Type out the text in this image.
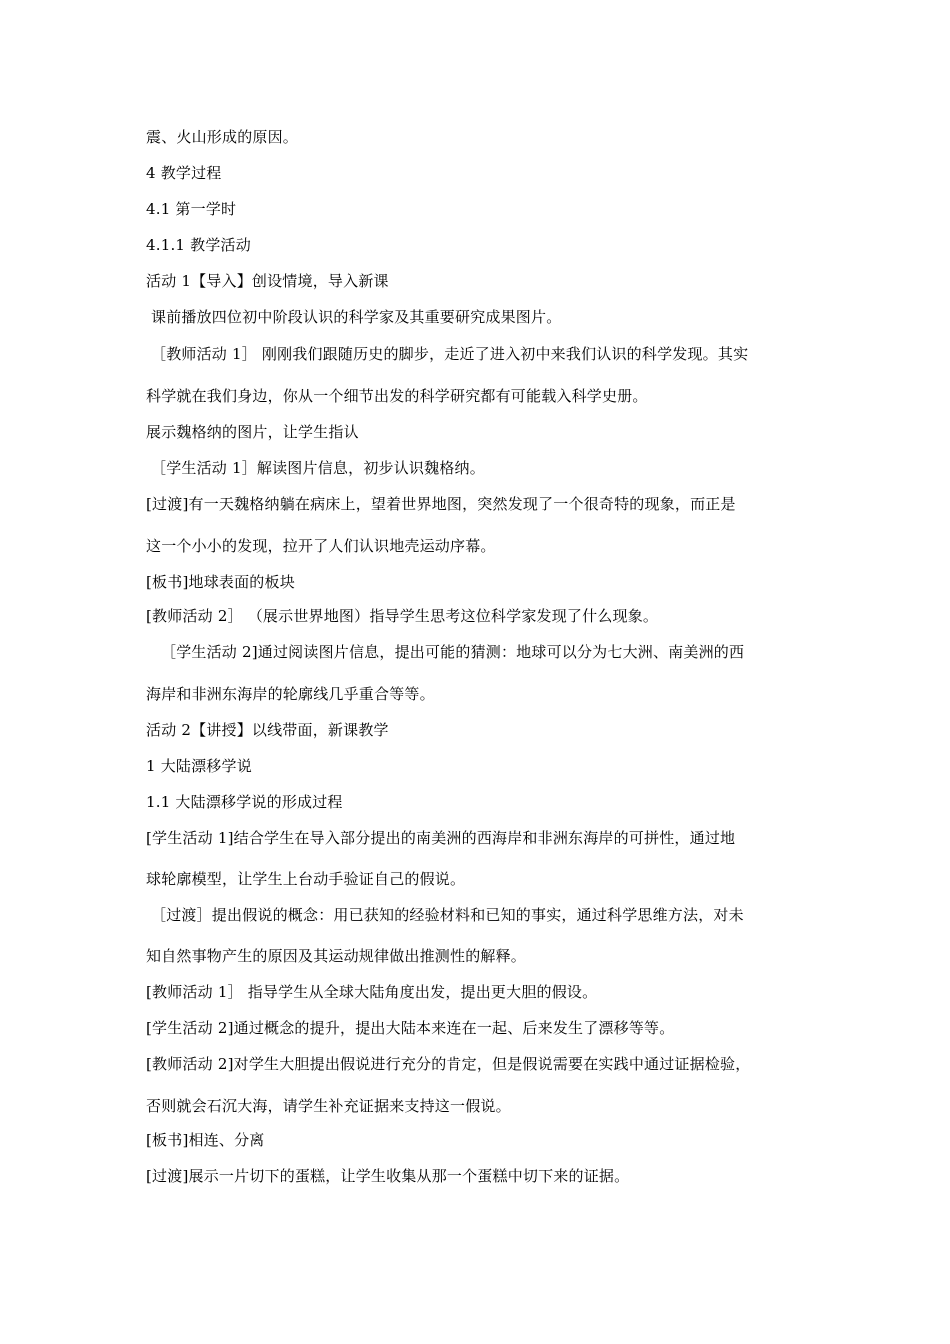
震、火山形成的原因。
4 教学过程
4.1 第一学时
4.1.1 教学活动
活动 1【导入】创设情境，导入新课
课前播放四位初中阶段认识的科学家及其重要研究成果图片。
［教师活动 1］ 刚刚我们跟随历史的脚步，走近了进入初中来我们认识的科学发现。其实
科学就在我们身边，你从一个细节出发的科学研究都有可能载入科学史册。
展示魏格纳的图片，让学生指认
［学生活动 1］解读图片信息，初步认识魏格纳。
[过渡]有一天魏格纳躺在病床上，望着世界地图，突然发现了一个很奇特的现象，而正是
这一个小小的发现，拉开了人们认识地壳运动序幕。
[板书]地球表面的板块
[教师活动 2］ （展示世界地图）指导学生思考这位科学家发现了什么现象。
［学生活动 2]通过阅读图片信息，提出可能的猜测：地球可以分为七大洲、南美洲的西
海岸和非洲东海岸的轮廓线几乎重合等等。
活动 2【讲授】以线带面，新课教学
1 大陆漂移学说
1.1 大陆漂移学说的形成过程
[学生活动 1]结合学生在导入部分提出的南美洲的西海岸和非洲东海岸的可拼性，通过地
球轮廓模型，让学生上台动手验证自己的假说。
［过渡］提出假说的概念：用已获知的经验材料和已知的事实，通过科学思维方法，对未
知自然事物产生的原因及其运动规律做出推测性的解释。
[教师活动 1］ 指导学生从全球大陆角度出发，提出更大胆的假设。
[学生活动 2]通过概念的提升，提出大陆本来连在一起、后来发生了漂移等等。
[教师活动 2]对学生大胆提出假说进行充分的肯定，但是假说需要在实践中通过证据检验，
否则就会石沉大海，请学生补充证据来支持这一假说。
[板书]相连、分离
[过渡]展示一片切下的蛋糕，让学生收集从那一个蛋糕中切下来的证据。
